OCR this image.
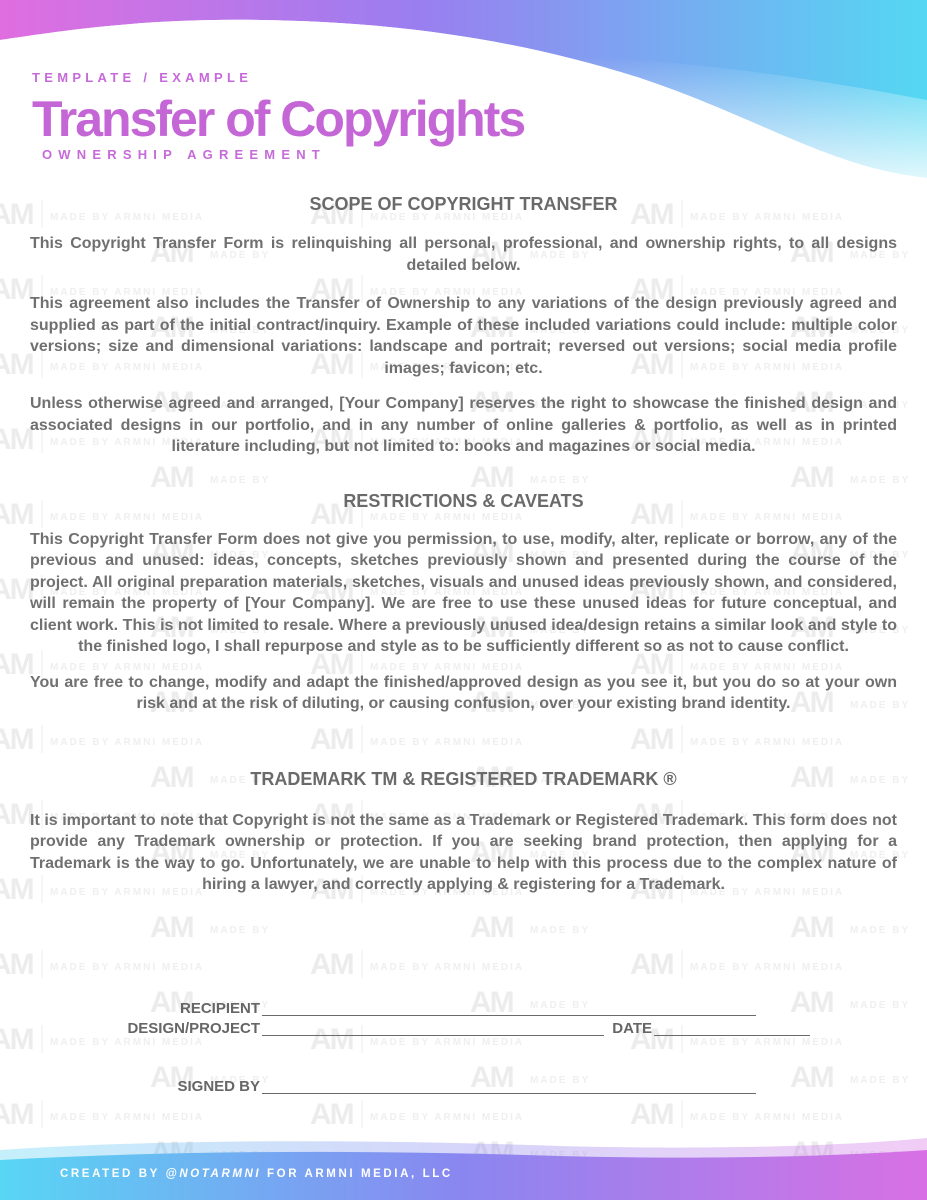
TEMPLATE / EXAMPLE
Transfer of Copyrights
OWNERSHIP AGREEMENT
SCOPE OF COPYRIGHT TRANSFER

This Copyright Transfer Form is relinquishing all personal, professional, and ownership rights, to all designs detailed below.

This agreement also includes the Transfer of Ownership to any variations of the design previously agreed and supplied as part of the initial contract/inquiry. Example of these included variations could include: multiple color versions; size and dimensional variations: landscape and portrait; reversed out versions; social media profile images; favicon; etc.

Unless otherwise agreed and arranged, [Your Company] reserves the right to showcase the finished design and associated designs in our portfolio, and in any number of online galleries & portfolio, as well as in printed literature including, but not limited to: books and magazines or social media.

RESTRICTIONS & CAVEATS

This Copyright Transfer Form does not give you permission, to use, modify, alter, replicate or borrow, any of the previous and unused: ideas, concepts, sketches previously shown and presented during the course of the project. All original preparation materials, sketches, visuals and unused ideas previously shown, and considered, will remain the property of [Your Company]. We are free to use these unused ideas for future conceptual, and client work. This is not limited to resale. Where a previously unused idea/design retains a similar look and style to the finished logo, I shall repurpose and style as to be sufficiently different so as not to cause conflict.

You are free to change, modify and adapt the finished/approved design as you see it, but you do so at your own risk and at the risk of diluting, or causing confusion, over your existing brand identity.

TRADEMARK TM & REGISTERED TRADEMARK ®

It is important to note that Copyright is not the same as a Trademark or Registered Trademark. This form does not provide any Trademark ownership or protection. If you are seeking brand protection, then applying for a Trademark is the way to go. Unfortunately, we are unable to help with this process due to the complex nature of hiring a lawyer, and correctly applying & registering for a Trademark.

RECIPIENT
DESIGN/PROJECT	DATE
SIGNED BY
CREATED BY @NOTARMNI FOR ARMNI MEDIA, LLC
